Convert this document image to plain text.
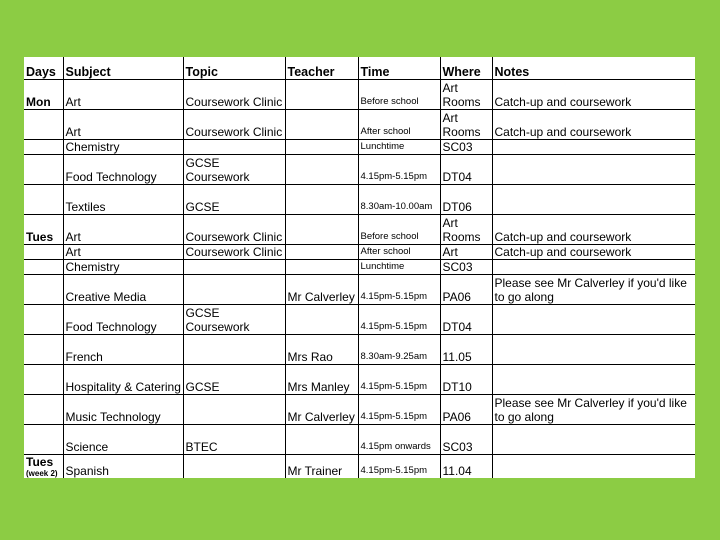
Days	Subject	Topic	Teacher	Time	Where	Notes

Mon	Art	Coursework Clinic		Before school	Art Rooms	Catch-up and coursework

	Art	Coursework Clinic		After school	Art Rooms	Catch-up and coursework

	Chemistry			Lunchtime	SC03	

	Food Technology	GCSE Coursework		4.15pm-5.15pm	DT04	

	Textiles	GCSE		8.30am-10.00am	DT06	

Tues	Art	Coursework Clinic		Before school	Art Rooms	Catch-up and coursework

	Art	Coursework Clinic		After school	Art	Catch-up and coursework

	Chemistry			Lunchtime	SC03	

	Creative Media		Mr Calverley	4.15pm-5.15pm	PA06	Please see Mr Calverley if you'd like to go along

	Food Technology	GCSE Coursework		4.15pm-5.15pm	DT04	

	French		Mrs Rao	8.30am-9.25am	11.05	

	Hospitality & Catering	GCSE	Mrs Manley	4.15pm-5.15pm	DT10	

	Music Technology		Mr Calverley	4.15pm-5.15pm	PA06	Please see Mr Calverley if you'd like to go along

	Science	BTEC		4.15pm onwards	SC03	

Tues
(week 2)	Spanish		Mr Trainer	4.15pm-5.15pm	11.04	
